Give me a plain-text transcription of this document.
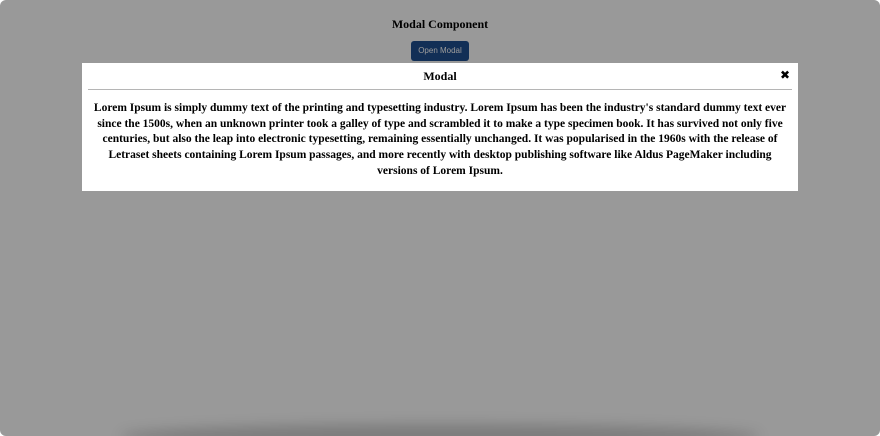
Modal Component
Open Modal
Modal	✖
Lorem Ipsum is simply dummy text of the printing and typesetting industry. Lorem Ipsum has been the industry's standard dummy text ever since the 1500s, when an unknown printer took a galley of type and scrambled it to make a type specimen book. It has survived not only five centuries, but also the leap into electronic typesetting, remaining essentially unchanged. It was popularised in the 1960s with the release of Letraset sheets containing Lorem Ipsum passages, and more recently with desktop publishing software like Aldus PageMaker including versions of Lorem Ipsum.
